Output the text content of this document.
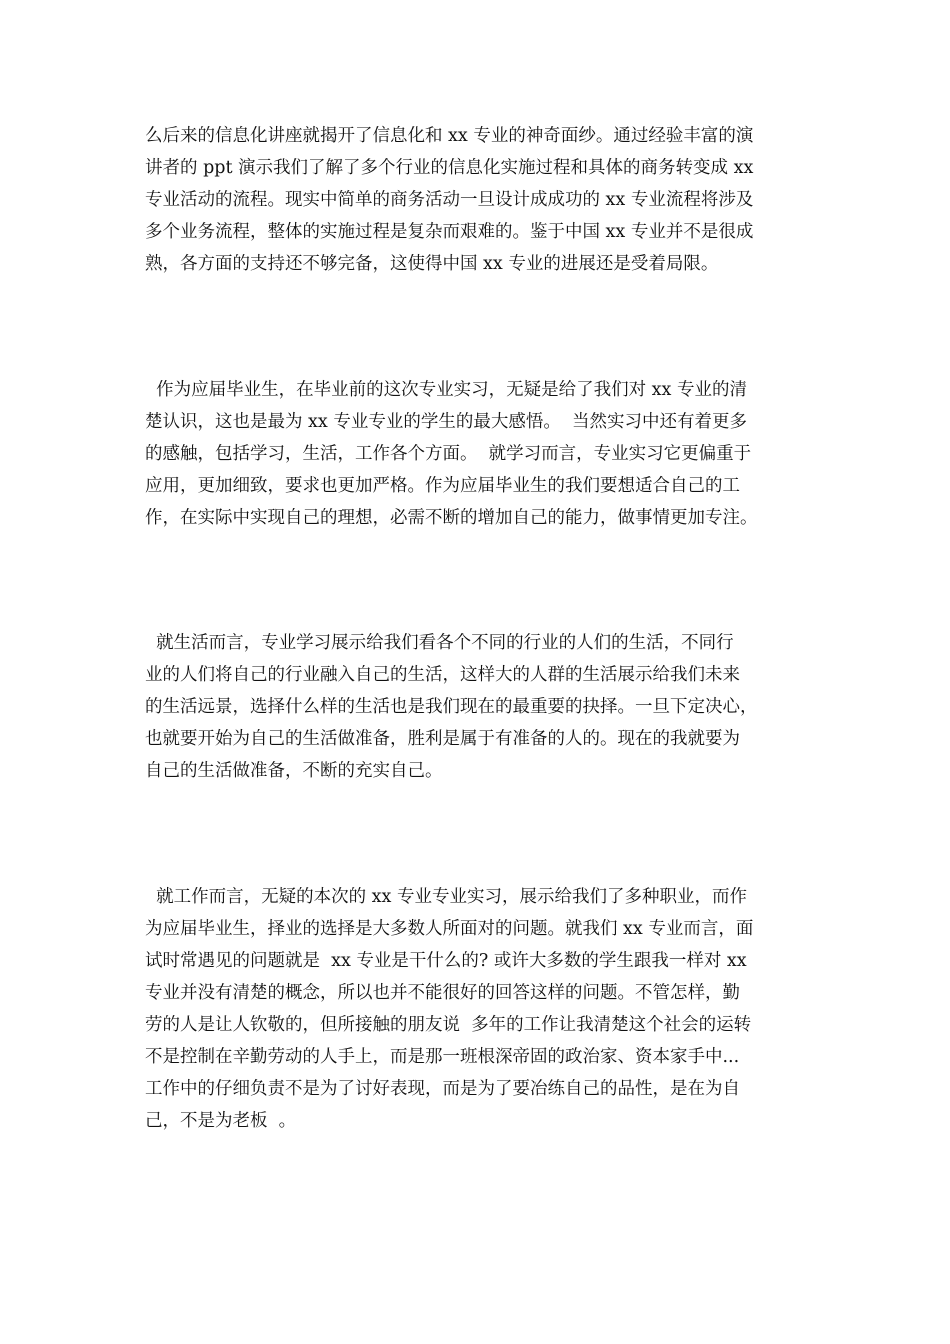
么后来的信息化讲座就揭开了信息化和 xx 专业的神奇面纱。通过经验丰富的演
讲者的 ppt 演示我们了解了多个行业的信息化实施过程和具体的商务转变成 xx
专业活动的流程。现实中简单的商务活动一旦设计成成功的 xx 专业流程将涉及
多个业务流程，整体的实施过程是复杂而艰难的。鉴于中国 xx 专业并不是很成
熟，各方面的支持还不够完备，这使得中国 xx 专业的进展还是受着局限。
作为应届毕业生，在毕业前的这次专业实习，无疑是给了我们对 xx 专业的清
楚认识，这也是最为 xx 专业专业的学生的最大感悟。  当然实习中还有着更多
的感触，包括学习，生活，工作各个方面。  就学习而言，专业实习它更偏重于
应用，更加细致，要求也更加严格。作为应届毕业生的我们要想适合自己的工
作，在实际中实现自己的理想，必需不断的增加自己的能力，做事情更加专注。
就生活而言，专业学习展示给我们看各个不同的行业的人们的生活，不同行
业的人们将自己的行业融入自己的生活，这样大的人群的生活展示给我们未来
的生活远景，选择什么样的生活也是我们现在的最重要的抉择。一旦下定决心，
也就要开始为自己的生活做准备，胜利是属于有准备的人的。现在的我就要为
自己的生活做准备，不断的充实自己。
就工作而言，无疑的本次的 xx 专业专业实习，展示给我们了多种职业，而作
为应届毕业生，择业的选择是大多数人所面对的问题。就我们 xx 专业而言，面
试时常遇见的问题就是  xx 专业是干什么的? 或许大多数的学生跟我一样对 xx
专业并没有清楚的概念，所以也并不能很好的回答这样的问题。不管怎样，勤
劳的人是让人钦敬的，但所接触的朋友说  多年的工作让我清楚这个社会的运转
不是控制在辛勤劳动的人手上，而是那一班根深帝固的政治家、资本家手中...
工作中的仔细负责不是为了讨好表现，而是为了要冶练自己的品性，是在为自
己，不是为老板  。
